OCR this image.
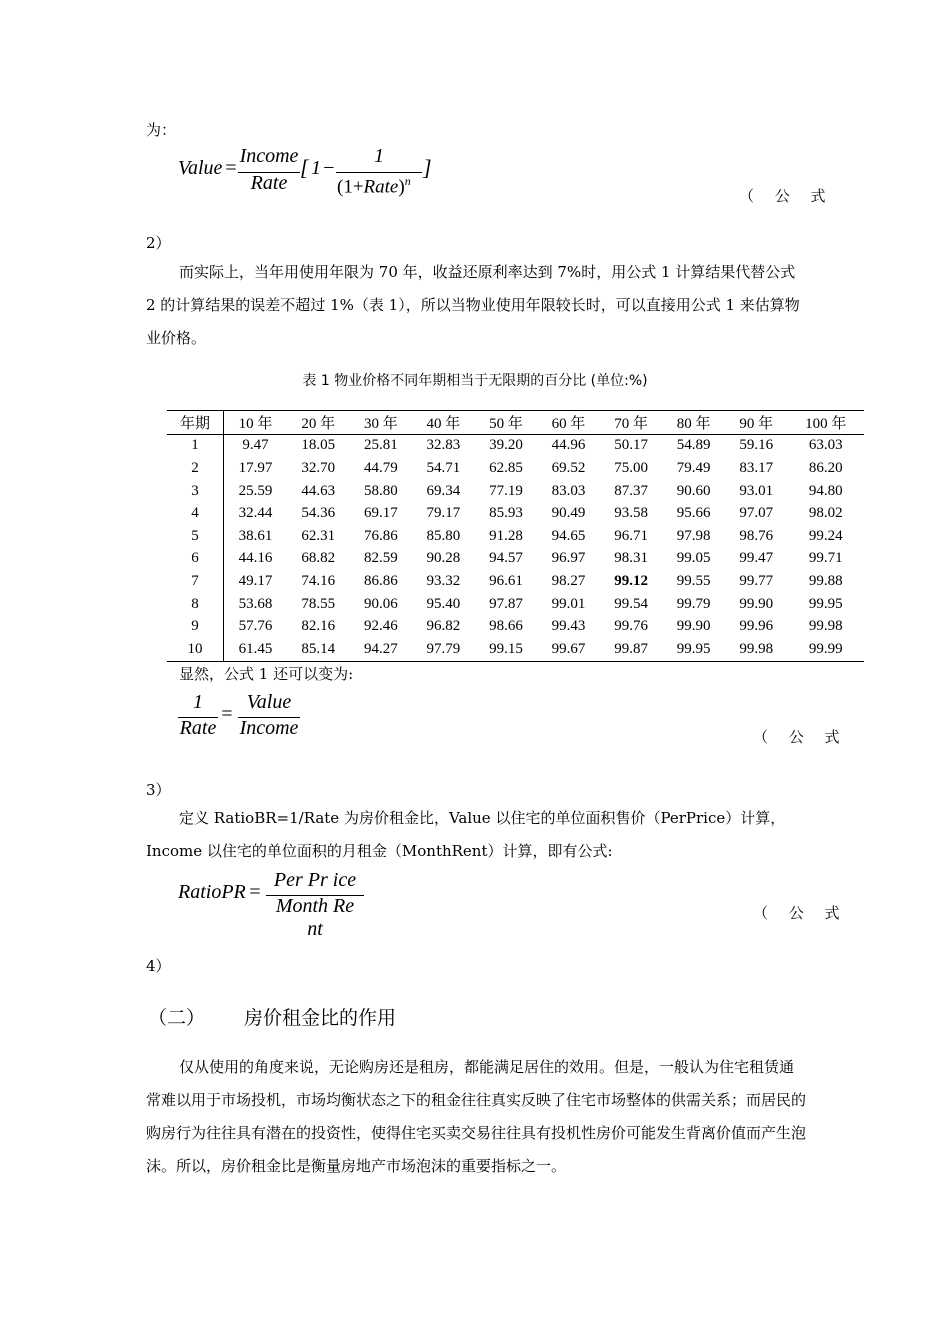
为：
Value =
Income
Rate
[ 1 −
1
(1+Rate)$^n$
]
（ 公 式
2）
而实际上，当年用使用年限为 70 年，收益还原利率达到 7%时，用公式 1 计算结果代替公式 2 的计算结果的误差不超过 1%（表 1），所以当物业使用年限较长时，可以直接用公式 1 来估算物业价格。
表 1 物业价格不同年期相当于无限期的百分比 (单位:%)
年期	10 年	20 年	30 年	40 年	50 年	60 年	70 年	80 年	90 年	100 年
1	9.47	18.05	25.81	32.83	39.20	44.96	50.17	54.89	59.16	63.03
2	17.97	32.70	44.79	54.71	62.85	69.52	75.00	79.49	83.17	86.20
3	25.59	44.63	58.80	69.34	77.19	83.03	87.37	90.60	93.01	94.80
4	32.44	54.36	69.17	79.17	85.93	90.49	93.58	95.66	97.07	98.02
5	38.61	62.31	76.86	85.80	91.28	94.65	96.71	97.98	98.76	99.24
6	44.16	68.82	82.59	90.28	94.57	96.97	98.31	99.05	99.47	99.71
7	49.17	74.16	86.86	93.32	96.61	98.27	99.12	99.55	99.77	99.88
8	53.68	78.55	90.06	95.40	97.87	99.01	99.54	99.79	99.90	99.95
9	57.76	82.16	92.46	96.82	98.66	99.43	99.76	99.90	99.96	99.98
10	61.45	85.14	94.27	97.79	99.15	99.67	99.87	99.95	99.98	99.99
显然，公式 1 还可以变为:
1
Rate
=
Value
Income	（ 公 式
3）
定义 RatioBR=1/Rate 为房价租金比，Value 以住宅的单位面积售价（PerPrice）计算，Income 以住宅的单位面积的月租金（MonthRent）计算，即有公式:
RatioPR =
Per Pr ice
Month Re nt
（ 公 式
4）
（二） 房价租金比的作用
仅从使用的角度来说，无论购房还是租房，都能满足居住的效用。但是，一般认为住宅租赁通常难以用于市场投机，市场均衡状态之下的租金往往真实反映了住宅市场整体的供需关系；而居民的购房行为往往具有潜在的投资性，使得住宅买卖交易往往具有投机性房价可能发生背离价值而产生泡沫。所以，房价租金比是衡量房地产市场泡沫的重要指标之一。
